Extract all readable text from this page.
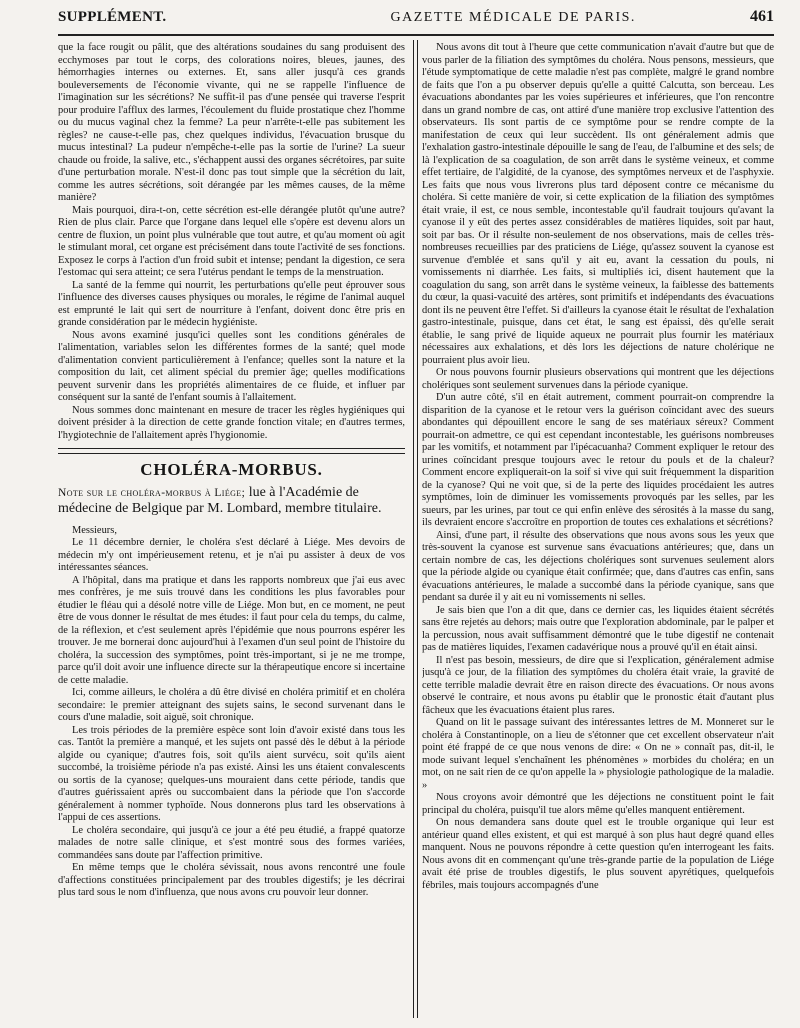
SUPPLÉMENT.	GAZETTE MÉDICALE DE PARIS.	461

que la face rougit ou pâlit, que des altérations soudaines du sang produisent des ecchymoses par tout le corps, des colorations noires, bleues, jaunes, des hémorrhagies internes ou externes. Et, sans aller jusqu'à ces grands bouleversements de l'économie vivante, qui ne se rappelle l'influence de l'imagination sur les sécrétions? Ne suffit-il pas d'une pensée qui traverse l'esprit pour produire l'afflux des larmes, l'écoulement du fluide prostatique chez l'homme ou du mucus vaginal chez la femme? La peur n'arrête-t-elle pas subitement les règles? ne cause-t-elle pas, chez quelques individus, l'évacuation brusque du mucus intestinal? La pudeur n'empêche-t-elle pas la sortie de l'urine? La sueur chaude ou froide, la salive, etc., s'échappent aussi des organes sécrétoires, par suite d'une perturbation morale. N'est-il donc pas tout simple que la sécrétion du lait, comme les autres sécrétions, soit dérangée par les mêmes causes, de la même manière?

Mais pourquoi, dira-t-on, cette sécrétion est-elle dérangée plutôt qu'une autre? Rien de plus clair. Parce que l'organe dans lequel elle s'opère est devenu alors un centre de fluxion, un point plus vulnérable que tout autre, et qu'au moment où agit le stimulant moral, cet organe est précisément dans toute l'activité de ses fonctions. Exposez le corps à l'action d'un froid subit et intense; pendant la digestion, ce sera l'estomac qui sera atteint; ce sera l'utérus pendant le temps de la menstruation.

La santé de la femme qui nourrit, les perturbations qu'elle peut éprouver sous l'influence des diverses causes physiques ou morales, le régime de l'animal auquel est emprunté le lait qui sert de nourriture à l'enfant, doivent donc être pris en grande considération par le médecin hygiéniste.

Nous avons examiné jusqu'ici quelles sont les conditions générales de l'alimentation, variables selon les différentes formes de la santé; quel mode d'alimentation convient particulièrement à l'enfance; quelles sont la nature et la composition du lait, cet aliment spécial du premier âge; quelles modifications peuvent survenir dans les propriétés alimentaires de ce fluide, et influer par conséquent sur la santé de l'enfant soumis à l'allaitement.

Nous sommes donc maintenant en mesure de tracer les règles hygiéniques qui doivent présider à la direction de cette grande fonction vitale; en d'autres termes, l'hygiotechnie de l'allaitement après l'hygionomie.

CHOLÉRA-MORBUS.
Note sur le choléra-morbus à Liége; lue à l'Académie de médecine de Belgique par M. Lombard, membre titulaire.

Messieurs,

Le 11 décembre dernier, le choléra s'est déclaré à Liége. Mes devoirs de médecin m'y ont impérieusement retenu, et je n'ai pu assister à deux de vos intéressantes séances.

A l'hôpital, dans ma pratique et dans les rapports nombreux que j'ai eus avec mes confrères, je me suis trouvé dans les conditions les plus favorables pour étudier le fléau qui a désolé notre ville de Liége. Mon but, en ce moment, ne peut être de vous donner le résultat de mes études: il faut pour cela du temps, du calme, de la réflexion, et c'est seulement après l'épidémie que nous pourrons espérer les trouver. Je me bornerai donc aujourd'hui à l'examen d'un seul point de l'histoire du choléra, la succession des symptômes, point très-important, si je ne me trompe, parce qu'il doit avoir une influence directe sur la thérapeutique encore si incertaine de cette maladie.

Ici, comme ailleurs, le choléra a dû être divisé en choléra primitif et en choléra secondaire: le premier atteignant des sujets sains, le second survenant dans le cours d'une maladie, soit aiguë, soit chronique.

Les trois périodes de la première espèce sont loin d'avoir existé dans tous les cas. Tantôt la première a manqué, et les sujets ont passé dès le début à la période algide ou cyanique; d'autres fois, soit qu'ils aient survécu, soit qu'ils aient succombé, la troisième période n'a pas existé. Ainsi les uns étaient convalescents ou sortis de la cyanose; quelques-uns mouraient dans cette période, tandis que d'autres guérissaient après ou succombaient dans la période que l'on s'accorde généralement à nommer typhoïde. Nous donnerons plus tard les observations à l'appui de ces assertions.

Le choléra secondaire, qui jusqu'à ce jour a été peu étudié, a frappé quatorze malades de notre salle clinique, et s'est montré sous des formes variées, commandées sans doute par l'affection primitive.

En même temps que le choléra sévissait, nous avons rencontré une foule d'affections constituées principalement par des troubles digestifs; je les décrirai plus tard sous le nom d'influenza, que nous avons cru pouvoir leur donner.

Nous avons dit tout à l'heure que cette communication n'avait d'autre but que de vous parler de la filiation des symptômes du choléra. Nous pensons, messieurs, que l'étude symptomatique de cette maladie n'est pas complète, malgré le grand nombre de faits que l'on a pu observer depuis qu'elle a quitté Calcutta, son berceau. Les évacuations abondantes par les voies supérieures et inférieures, que l'on rencontre dans un grand nombre de cas, ont attiré d'une manière trop exclusive l'attention des observateurs. Ils sont partis de ce symptôme pour se rendre compte de la manifestation de ceux qui leur succèdent. Ils ont généralement admis que l'exhalation gastro-intestinale dépouille le sang de l'eau, de l'albumine et des sels; de là l'explication de sa coagulation, de son arrêt dans le système veineux, et comme effet tertiaire, de l'algidité, de la cyanose, des symptômes nerveux et de l'asphyxie. Les faits que nous vous livrerons plus tard déposent contre ce mécanisme du choléra. Si cette manière de voir, si cette explication de la filiation des symptômes était vraie, il est, ce nous semble, incontestable qu'il faudrait toujours qu'avant la cyanose il y eût des pertes assez considérables de matières liquides, soit par haut, soit par bas. Or il résulte non-seulement de nos observations, mais de celles très-nombreuses recueillies par des praticiens de Liége, qu'assez souvent la cyanose est survenue d'emblée et sans qu'il y ait eu, avant la cessation du pouls, ni vomissements ni diarrhée. Les faits, si multipliés ici, disent hautement que la coagulation du sang, son arrêt dans le système veineux, la faiblesse des battements du cœur, la quasi-vacuité des artères, sont primitifs et indépendants des évacuations dont ils ne peuvent être l'effet. Si d'ailleurs la cyanose était le résultat de l'exhalation gastro-intestinale, puisque, dans cet état, le sang est épaissi, dès qu'elle serait établie, le sang privé de liquide aqueux ne pourrait plus fournir les matériaux nécessaires aux exhalations, et dès lors les déjections de nature cholérique ne pourraient plus avoir lieu.

Or nous pouvons fournir plusieurs observations qui montrent que les déjections cholériques sont seulement survenues dans la période cyanique.

D'un autre côté, s'il en était autrement, comment pourrait-on comprendre la disparition de la cyanose et le retour vers la guérison coïncidant avec des sueurs abondantes qui dépouillent encore le sang de ses matériaux séreux? Comment pourrait-on admettre, ce qui est cependant incontestable, les guérisons nombreuses par les vomitifs, et notamment par l'ipécacuanha? Comment expliquer le retour des urines coïncidant presque toujours avec le retour du pouls et de la chaleur? Comment encore expliquerait-on la soif si vive qui suit fréquemment la disparition de la cyanose? Qui ne voit que, si de la perte des liquides procédaient les autres symptômes, loin de diminuer les vomissements provoqués par les selles, par les sueurs, par les urines, par tout ce qui enfin enlève des sérosités à la masse du sang, ils devraient encore s'accroître en proportion de toutes ces exhalations et sécrétions?

Ainsi, d'une part, il résulte des observations que nous avons sous les yeux que très-souvent la cyanose est survenue sans évacuations antérieures; que, dans un certain nombre de cas, les déjections cholériques sont survenues seulement alors que la période algide ou cyanique était confirmée; que, dans d'autres cas enfin, sans évacuations antérieures, le malade a succombé dans la période cyanique, sans que pendant sa durée il y ait eu ni vomissements ni selles.

Je sais bien que l'on a dit que, dans ce dernier cas, les liquides étaient sécrétés sans être rejetés au dehors; mais outre que l'exploration abdominale, par le palper et la percussion, nous avait suffisamment démontré que le tube digestif ne contenait pas de matières liquides, l'examen cadavérique nous a prouvé qu'il en était ainsi.

Il n'est pas besoin, messieurs, de dire que si l'explication, généralement admise jusqu'à ce jour, de la filiation des symptômes du choléra était vraie, la gravité de cette terrible maladie devrait être en raison directe des évacuations. Or nous avons observé le contraire, et nous avons pu établir que le pronostic était d'autant plus fâcheux que les évacuations étaient plus rares.

Quand on lit le passage suivant des intéressantes lettres de M. Monneret sur le choléra à Constantinople, on a lieu de s'étonner que cet excellent observateur n'ait point été frappé de ce que nous venons de dire: « On ne » connaît pas, dit-il, le mode suivant lequel s'enchaînent les phénomènes » morbides du choléra; en un mot, on ne sait rien de ce qu'on appelle la » physiologie pathologique de la maladie. »

Nous croyons avoir démontré que les déjections ne constituent point le fait principal du choléra, puisqu'il tue alors même qu'elles manquent entièrement.

On nous demandera sans doute quel est le trouble organique qui leur est antérieur quand elles existent, et qui est marqué à son plus haut degré quand elles manquent. Nous ne pouvons répondre à cette question qu'en interrogeant les faits. Nous avons dit en commençant qu'une très-grande partie de la population de Liége avait été prise de troubles digestifs, le plus souvent apyrétiques, quelquefois fébriles, mais toujours accompagnés d'une
